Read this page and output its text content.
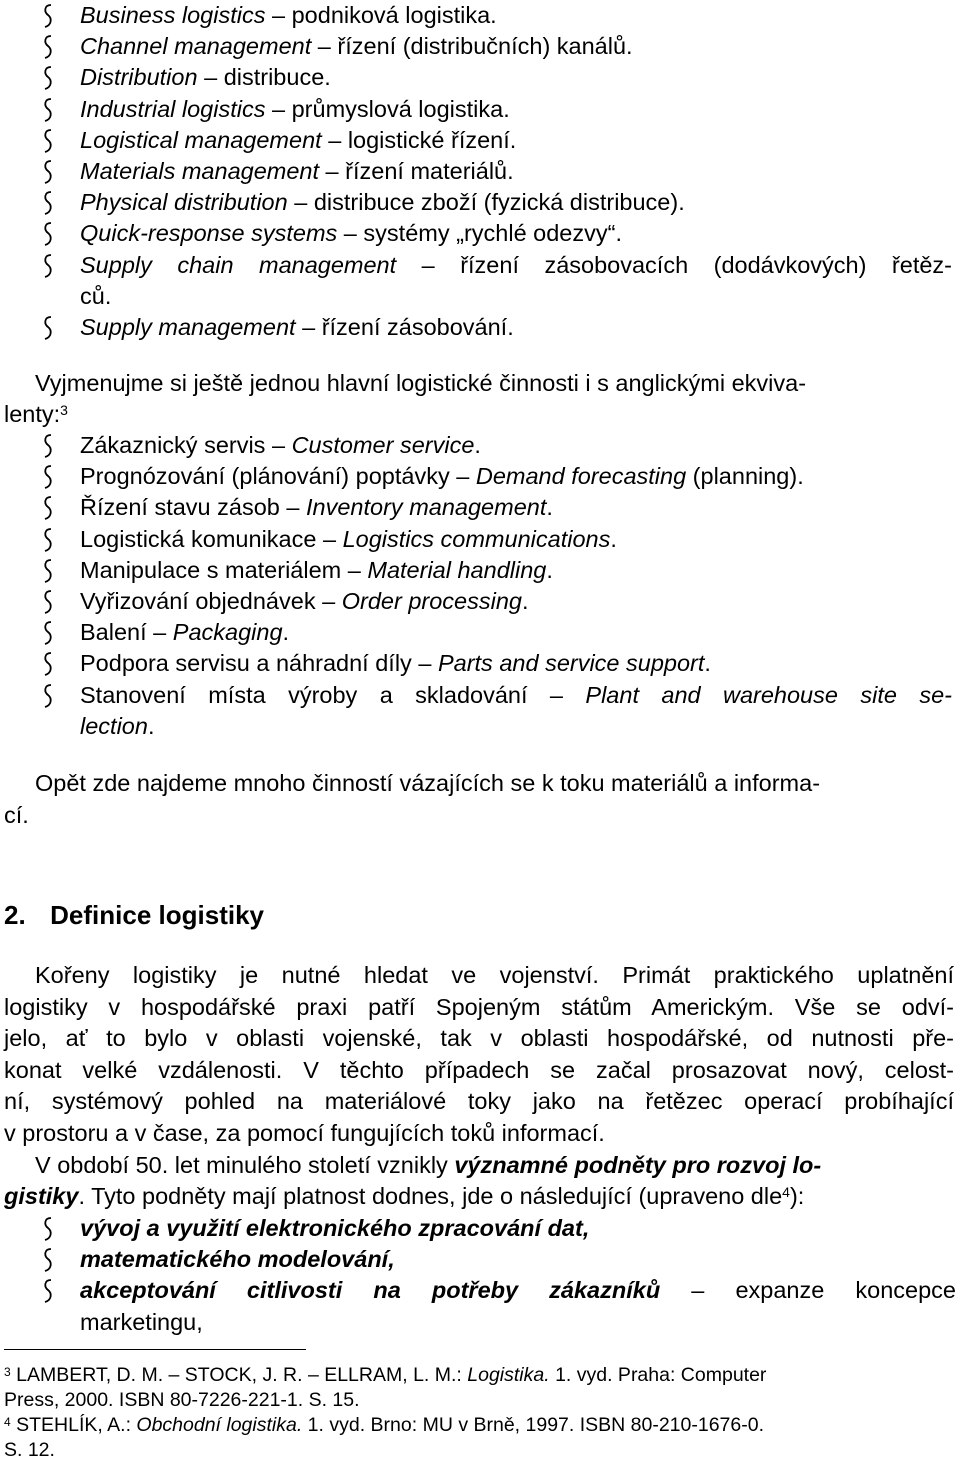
Business logistics – podniková logistika.
Channel management – řízení (distribučních) kanálů.
Distribution – distribuce.
Industrial logistics – průmyslová logistika.
Logistical management – logistické řízení.
Materials management – řízení materiálů.
Physical distribution – distribuce zboží (fyzická distribuce).
Quick-response systems – systémy „rychlé odezvy“.
Supply chain management – řízení zásobovacích (dodávkových) řetěz-
ců.
Supply management – řízení zásobování.
Vyjmenujme si ještě jednou hlavní logistické činnosti i s anglickými ekviva-
lenty:$^3$
Zákaznický servis – Customer service.
Prognózování (plánování) poptávky – Demand forecasting (planning).
Řízení stavu zásob – Inventory management.
Logistická komunikace – Logistics communications.
Manipulace s materiálem – Material handling.
Vyřizování objednávek – Order processing.
Balení – Packaging.
Podpora servisu a náhradní díly – Parts and service support.
Stanovení místa výroby a skladování – Plant and warehouse site se-
lection.
Opět zde najdeme mnoho činností vázajících se k toku materiálů a informa-
cí.
2. Definice logistiky
Kořeny logistiky je nutné hledat ve vojenství. Primát praktického uplatnění
logistiky v hospodářské praxi patří Spojeným státům Americkým. Vše se odví-
jelo, ať to bylo v oblasti vojenské, tak v oblasti hospodářské, od nutnosti pře-
konat velké vzdálenosti. V těchto případech se začal prosazovat nový, celost-
ní, systémový pohled na materiálové toky jako na řetězec operací probíhající
v prostoru a v čase, za pomocí fungujících toků informací.
V období 50. let minulého století vznikly významné podněty pro rozvoj lo-
gistiky. Tyto podněty mají platnost dodnes, jde o následující (upraveno dle$^4$):
vývoj a využití elektronického zpracování dat,
matematického modelování,
akceptování citlivosti na potřeby zákazníků – expanze koncepce
marketingu,
$^3$ LAMBERT, D. M. – STOCK, J. R. – ELLRAM, L. M.: Logistika. 1. vyd. Praha: Computer
Press, 2000. ISBN 80-7226-221-1. S. 15.
$^4$ STEHLÍK, A.: Obchodní logistika. 1. vyd. Brno: MU v Brně, 1997. ISBN 80-210-1676-0.
S. 12.
